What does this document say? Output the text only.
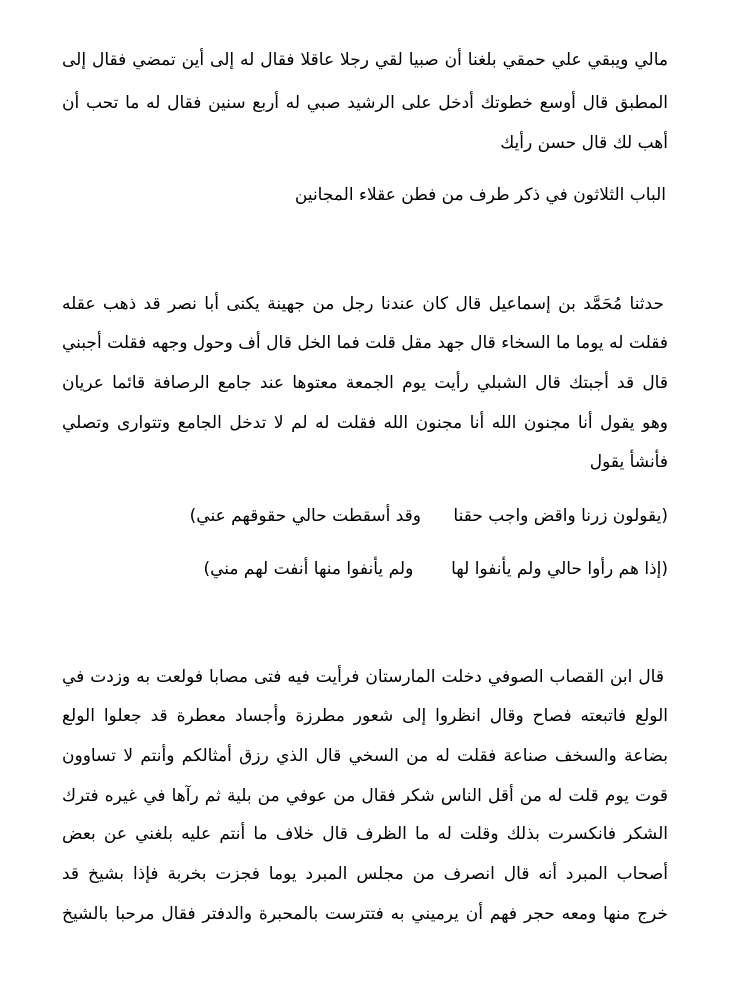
مالي ويبقي علي حمقي بلغنا أن صبيا لقي رجلا عاقلا فقال له إلى أين تمضي فقال إلى
المطبق قال أوسع خطوتك أدخل على الرشيد صبي له أربع سنين فقال له ما تحب أن
أهب لك قال حسن رأيك
الباب الثلاثون في ذكر طرف من فطن عقلاء المجانين
حدثنا مُحَمَّد بن إسماعيل قال كان عندنا رجل من جهينة يكنى أبا نصر قد ذهب عقله
فقلت له يوما ما السخاء قال جهد مقل قلت فما الخل قال أف وحول وجهه فقلت أجبني
قال قد أجبتك قال الشبلي رأيت يوم الجمعة معتوها عند جامع الرصافة قائما عريان
وهو يقول أنا مجنون الله أنا مجنون الله فقلت له لم لا تدخل الجامع وتتوارى وتصلي
فأنشأ يقول
(يقولون زرنا واقض واجب حقنا      وقد أسقطت حالي حقوقهم عني)
(إذا هم رأوا حالي ولم يأنفوا لها       ولم يأنفوا منها أنفت لهم مني)
قال ابن القصاب الصوفي دخلت المارستان فرأيت فيه فتى مصابا فولعت به وزدت في
الولع فاتبعته فصاح وقال انظروا إلى شعور مطرزة وأجساد معطرة قد جعلوا الولع
بضاعة والسخف صناعة فقلت له من السخي قال الذي رزق أمثالكم وأنتم لا تساوون
قوت يوم قلت له من أقل الناس شكر فقال من عوفي من بلية ثم رآها في غيره فترك
الشكر فانكسرت بذلك وقلت له ما الظرف قال خلاف ما أنتم عليه بلغني عن بعض
أصحاب المبرد أنه قال انصرف من مجلس المبرد يوما فجزت بخربة فإذا بشيخ قد
خرج منها ومعه حجر فهم أن يرميني به فتترست بالمحبرة والدفتر فقال مرحبا بالشيخ
